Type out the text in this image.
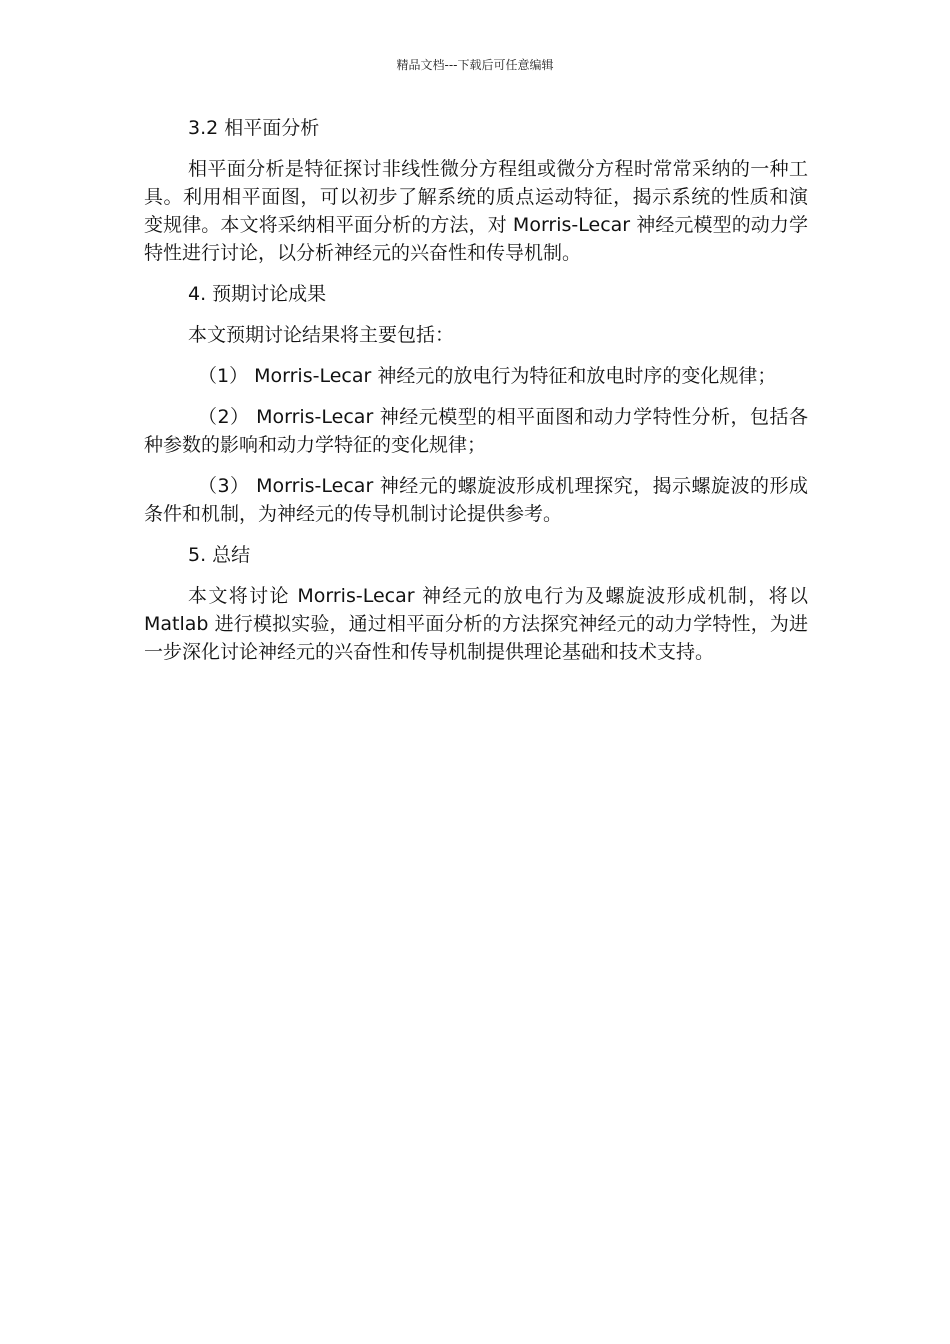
精品文档---下载后可任意编辑

3.2 相平面分析

相平面分析是特征探讨非线性微分方程组或微分方程时常常采纳的一种工具。利用相平面图，可以初步了解系统的质点运动特征，揭示系统的性质和演变规律。本文将采纳相平面分析的方法，对 Morris-Lecar 神经元模型的动力学特性进行讨论，以分析神经元的兴奋性和传导机制。

4. 预期讨论成果

本文预期讨论结果将主要包括：

（1） Morris-Lecar 神经元的放电行为特征和放电时序的变化规律；

（2） Morris-Lecar 神经元模型的相平面图和动力学特性分析，包括各种参数的影响和动力学特征的变化规律；

（3） Morris-Lecar 神经元的螺旋波形成机理探究，揭示螺旋波的形成条件和机制，为神经元的传导机制讨论提供参考。

5. 总结

本文将讨论 Morris-Lecar 神经元的放电行为及螺旋波形成机制，将以 Matlab 进行模拟实验，通过相平面分析的方法探究神经元的动力学特性，为进一步深化讨论神经元的兴奋性和传导机制提供理论基础和技术支持。
